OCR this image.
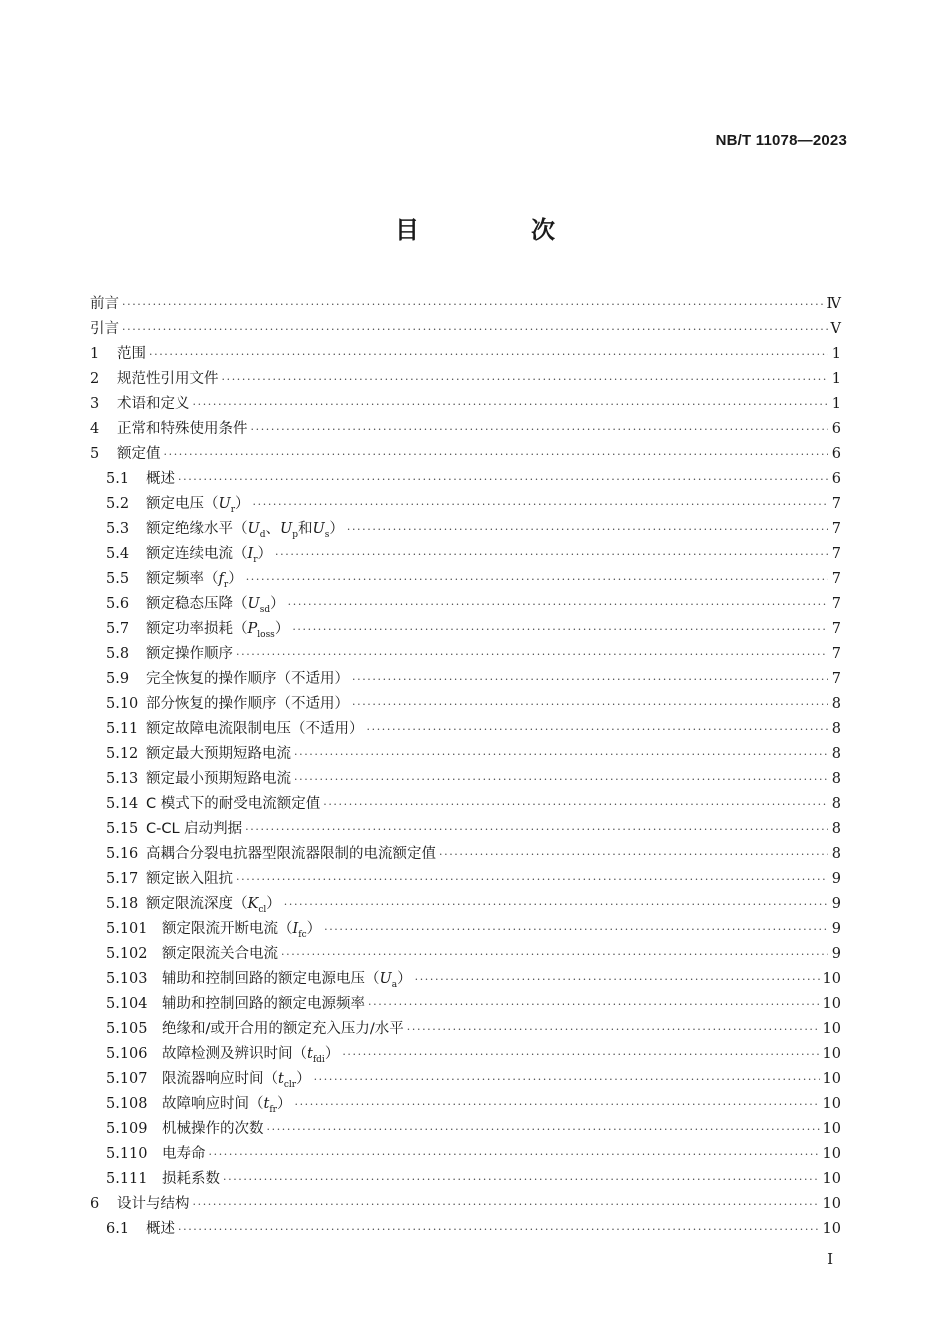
NB/T 11078—2023
目　次
前言 ·····	Ⅳ
引言 ·····	Ⅴ
1	范围 ·····	1
2	规范性引用文件 ·····	1
3	术语和定义 ·····	1
4	正常和特殊使用条件 ·····	6
5	额定值 ·····	6
5.1	概述 ·····	6
5.2	额定电压$(U_r)$ ·····	7
5.3	额定绝缘水平（$U_d$、$U_p$和$U_s$） ·····	7
5.4	额定连续电流$(I_r)$ ·····	7
5.5	额定频率$(f_r)$ ·····	7
5.6	额定稳态压降$(U_{sd})$ ·····	7
5.7	额定功率损耗$(P_{loss})$ ·····	7
5.8	额定操作顺序 ·····	7
5.9	完全恢复的操作顺序（不适用） ·····	7
5.10 部分恢复的操作顺序（不适用） ·····	8
5.11 额定故障电流限制电压（不适用） ·····	8
5.12 额定最大预期短路电流 ·····	8
5.13 额定最小预期短路电流 ·····	8
5.14 C 模式下的耐受电流额定值 ·····	8
5.15 C-CL 启动判据 ·····	8
5.16 高耦合分裂电抗器型限流器限制的电流额定值 ·····	8
5.17 额定嵌入阻抗 ·····	9
5.18 额定限流深度$(K_{cl})$ ·····	9
5.101 额定限流开断电流$(I_{fc})$ ·····	9
5.102 额定限流关合电流 ·····	9
5.103 辅助和控制回路的额定电源电压$(U_a)$ ·····	10
5.104 辅助和控制回路的额定电源频率 ·····	10
5.105 绝缘和/或开合用的额定充入压力/水平 ·····	10
5.106 故障检测及辨识时间$(t_{fdi})$ ·····	10
5.107 限流器响应时间$(t_{clr})$ ·····	10
5.108 故障响应时间$(t_{fr})$ ·····	10
5.109 机械操作的次数 ·····	10
5.110 电寿命 ·····	10
5.111 损耗系数 ·····	10
6	设计与结构 ·····	10
6.1	概述 ·····	10
I
